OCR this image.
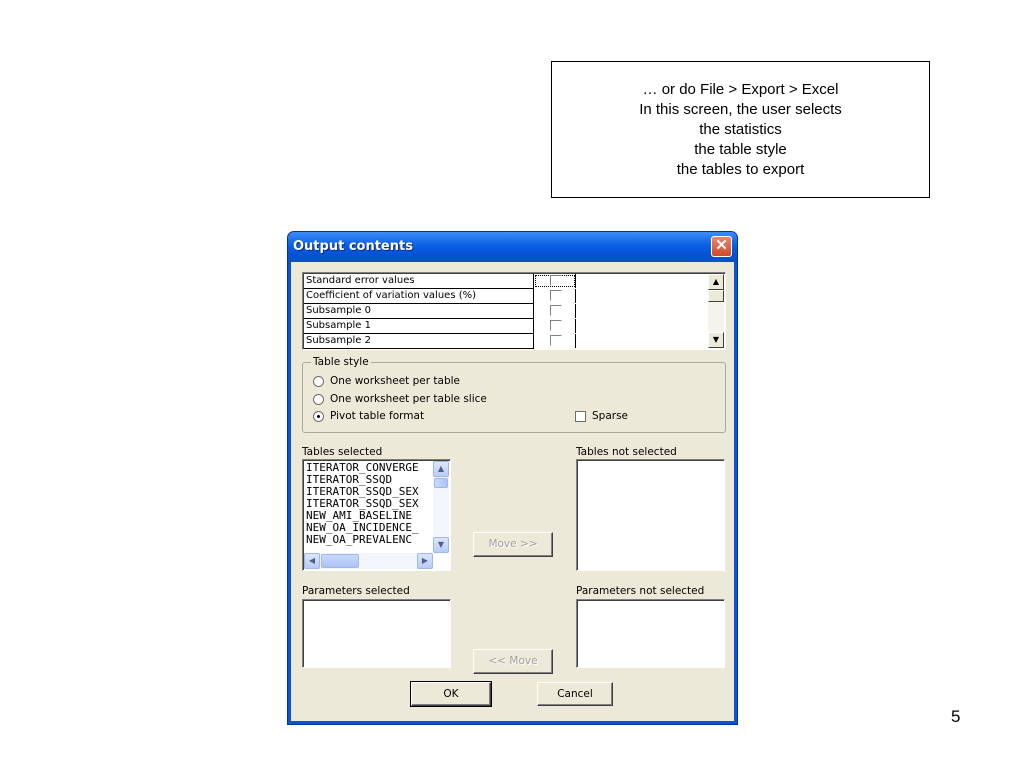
… or do File > Export > Excel
In this screen, the user selects
the statistics
the table style
the tables to export
5
Output contents	✕
Standard error values
Coefficient of variation values (%)
Subsample 0
Subsample 1
Subsample 2
▲
▼
Table style
One worksheet per table
One worksheet per table slice
Pivot table format	Sparse
Tables selected
ITERATOR_CONVERGE
ITERATOR_SSQD
ITERATOR_SSQD_SEX
ITERATOR_SSQD_SEX
NEW_AMI_BASELINE
NEW_OA_INCIDENCE_
NEW_OA_PREVALENC
▲
▼
◀	▶
Move >>
Tables not selected
Parameters selected
<< Move
Parameters not selected
OK	Cancel
